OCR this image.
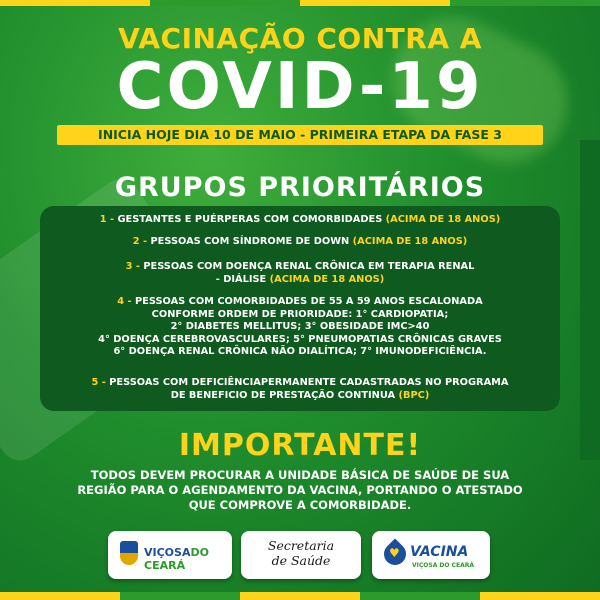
VACINAÇÃO CONTRA A
COVID-19
INICIA HOJE DIA 10 DE MAIO - PRIMEIRA ETAPA DA FASE 3
GRUPOS PRIORITÁRIOS
1 - GESTANTES E PUÉRPERAS COM COMORBIDADES (ACIMA DE 18 ANOS)
2 - PESSOAS COM SÍNDROME DE DOWN (ACIMA DE 18 ANOS)
3 - PESSOAS COM DOENÇA RENAL CRÔNICA EM TERAPIA RENAL
- DIÁLISE (ACIMA DE 18 ANOS)
4 - PESSOAS COM COMORBIDADES DE 55 A 59 ANOS ESCALONADA
CONFORME ORDEM DE PRIORIDADE: 1° CARDIOPATIA;
2° DIABETES MELLITUS; 3° OBESIDADE IMC>40
4° DOENÇA CEREBROVASCULARES; 5° PNEUMOPATIAS CRÔNICAS GRAVES
6° DOENÇA RENAL CRÔNICA NÃO DIALÍTICA; 7° IMUNODEFICIÊNCIA.
5 - PESSOAS COM DEFICIÊNCIAPERMANENTE CADASTRADAS NO PROGRAMA
DE BENEFICIO DE PRESTAÇÃO CONTINUA (BPC)
IMPORTANTE!
TODOS DEVEM PROCURAR A UNIDADE BÁSICA DE SAÚDE DE SUA
REGIÃO PARA O AGENDAMENTO DA VACINA, PORTANDO O ATESTADO
QUE COMPROVE A COMORBIDADE.
VIÇOSADO CEARÁ
Secretaria
de Saúde	♥ VACINA
VIÇOSA DO CEARÁ
